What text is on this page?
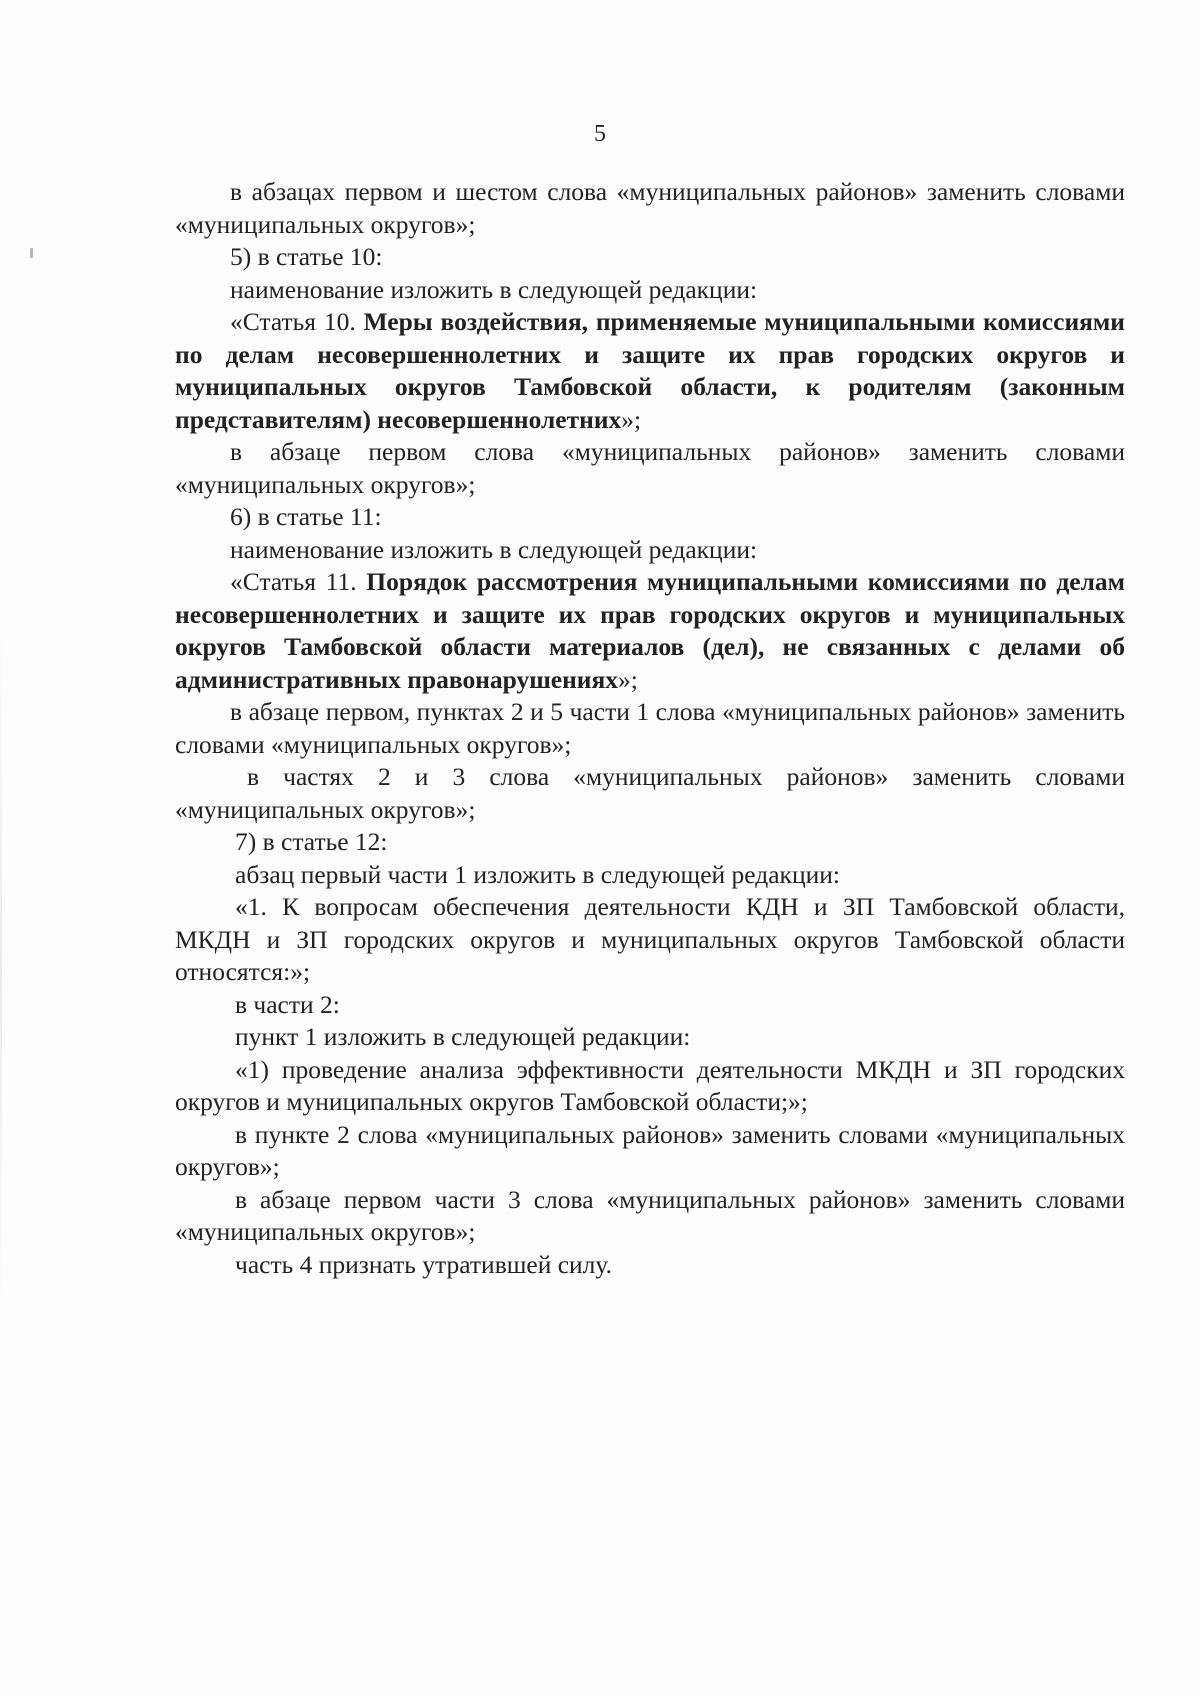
5

в абзацах первом и шестом слова «муниципальных районов» заменить словами «муниципальных округов»;

5) в статье 10:

наименование изложить в следующей редакции:

«Статья 10. Меры воздействия, применяемые муниципальными комиссиями по делам несовершеннолетних и защите их прав городских округов и муниципальных округов Тамбовской области, к родителям (законным представителям) несовершеннолетних»;

в абзаце первом слова «муниципальных районов» заменить словами «муниципальных округов»;

6) в статье 11:

наименование изложить в следующей редакции:

«Статья 11. Порядок рассмотрения муниципальными комиссиями по делам несовершеннолетних и защите их прав городских округов и муниципальных округов Тамбовской области материалов (дел), не связанных с делами об административных правонарушениях»;

в абзаце первом, пунктах 2 и 5 части 1 слова «муниципальных районов» заменить словами «муниципальных округов»;

в частях 2 и 3 слова «муниципальных районов» заменить словами «муниципальных округов»;

7) в статье 12:

абзац первый части 1 изложить в следующей редакции:

«1. К вопросам обеспечения деятельности КДН и ЗП Тамбовской области, МКДН и ЗП городских округов и муниципальных округов Тамбовской области относятся:»;

в части 2:

пункт 1 изложить в следующей редакции:

«1) проведение анализа эффективности деятельности МКДН и ЗП городских округов и муниципальных округов Тамбовской области;»;

в пункте 2 слова «муниципальных районов» заменить словами «муниципальных округов»;

в абзаце первом части 3 слова «муниципальных районов» заменить словами «муниципальных округов»;

часть 4 признать утратившей силу.
